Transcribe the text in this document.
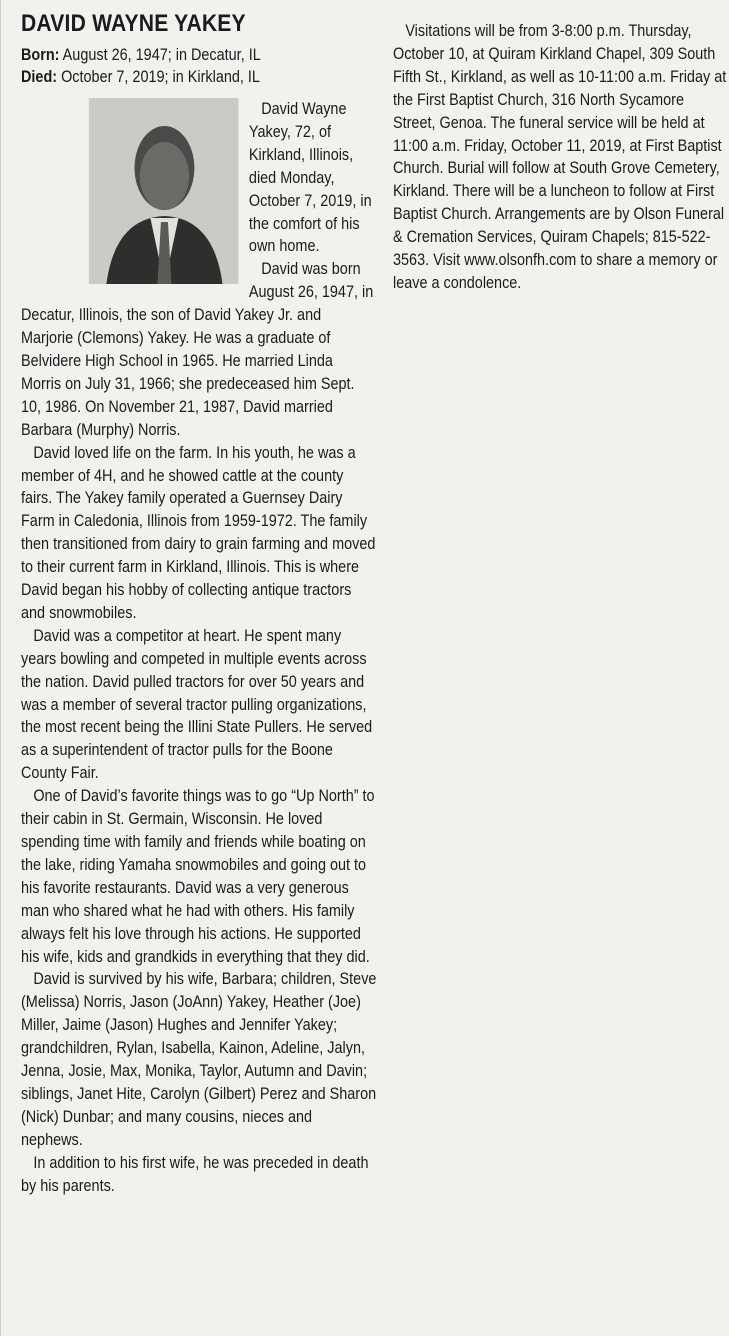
DAVID WAYNE YAKEY

Born: August 26, 1947; in Decatur, IL

Died: October 7, 2019; in Kirkland, IL

David Wayne Yakey, 72, of Kirkland, Illinois, died Monday, October 7, 2019, in the comfort of his own home.

David was born August 26, 1947, in Decatur, Illinois, the son of David Yakey Jr. and Marjorie (Clemons) Yakey. He was a graduate of Belvidere High School in 1965. He married Linda Morris on July 31, 1966; she predeceased him Sept. 10, 1986. On November 21, 1987, David married Barbara (Murphy) Norris.

David loved life on the farm. In his youth, he was a member of 4H, and he showed cattle at the county fairs. The Yakey family operated a Guernsey Dairy Farm in Caledonia, Illinois from 1959-1972. The family then transitioned from dairy to grain farming and moved to their current farm in Kirkland, Illinois. This is where David began his hobby of collecting antique tractors and snowmobiles.

David was a competitor at heart. He spent many years bowling and competed in multiple events across the nation. David pulled tractors for over 50 years and was a member of several tractor pulling organizations, the most recent being the Illini State Pullers. He served as a superintendent of tractor pulls for the Boone County Fair.

One of David’s favorite things was to go “Up North” to their cabin in St. Germain, Wisconsin. He loved spending time with family and friends while boating on the lake, riding Yamaha snowmobiles and going out to his favorite restaurants. David was a very generous man who shared what he had with others. His family always felt his love through his actions. He supported his wife, kids and grandkids in everything that they did.

David is survived by his wife, Barbara; children, Steve (Melissa) Norris, Jason (JoAnn) Yakey, Heather (Joe) Miller, Jaime (Jason) Hughes and Jennifer Yakey; grandchildren, Rylan, Isabella, Kainon, Adeline, Jalyn, Jenna, Josie, Max, Monika, Taylor, Autumn and Davin; siblings, Janet Hite, Carolyn (Gilbert) Perez and Sharon (Nick) Dunbar; and many cousins, nieces and nephews.

In addition to his first wife, he was preceded in death by his parents.

Visitations will be from 3-8:00 p.m. Thursday, October 10, at Quiram Kirkland Chapel, 309 South Fifth St., Kirkland, as well as 10-11:00 a.m. Friday at the First Baptist Church, 316 North Sycamore Street, Genoa. The funeral service will be held at 11:00 a.m. Friday, October 11, 2019, at First Baptist Church. Burial will follow at South Grove Cemetery, Kirkland. There will be a luncheon to follow at First Baptist Church. Arrangements are by Olson Funeral & Cremation Services, Quiram Chapels; 815-522-3563. Visit www.olsonfh.com to share a memory or leave a condolence.
